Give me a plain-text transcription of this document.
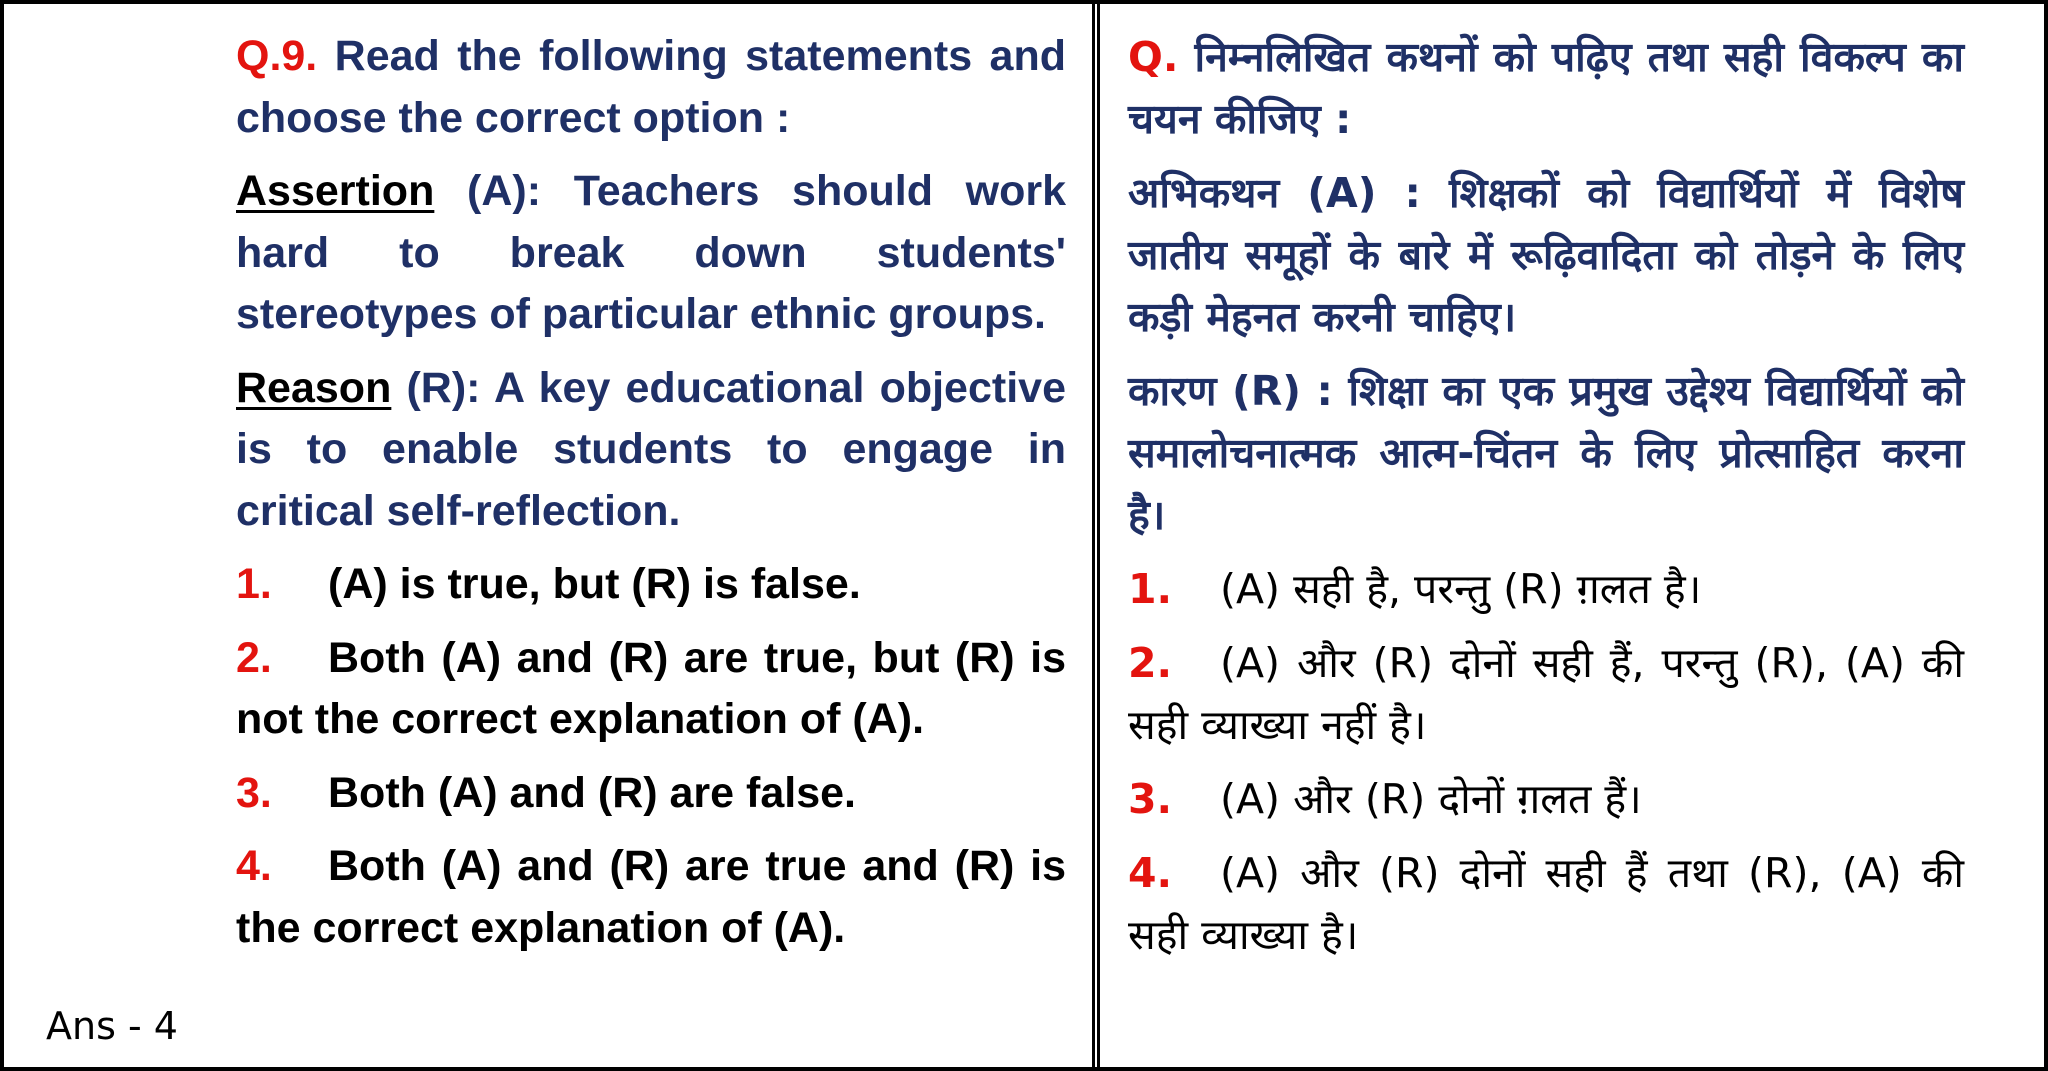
Q.9. Read the following statements and choose the correct option :
Assertion (A): Teachers should work hard to break down students' stereotypes of particular ethnic groups.
Reason (R): A key educational objective is to enable students to engage in critical self-reflection.
1. (A) is true, but (R) is false.
2. Both (A) and (R) are true, but (R) is not the correct explanation of (A).
3. Both (A) and (R) are false.
4. Both (A) and (R) are true and (R) is the correct explanation of (A).
Q. निम्नलिखित कथनों को पढ़िए तथा सही विकल्प का चयन कीजिए :
अभिकथन (A) : शिक्षकों को विद्यार्थियों में विशेष जातीय समूहों के बारे में रूढ़िवादिता को तोड़ने के लिए कड़ी मेहनत करनी चाहिए।
कारण (R) : शिक्षा का एक प्रमुख उद्देश्य विद्यार्थियों को समालोचनात्मक आत्म-चिंतन के लिए प्रोत्साहित करना है।
1. (A) सही है, परन्तु (R) ग़लत है।
2. (A) और (R) दोनों सही हैं, परन्तु (R), (A) की सही व्याख्या नहीं है।
3. (A) और (R) दोनों ग़लत हैं।
4. (A) और (R) दोनों सही हैं तथा (R), (A) की सही व्याख्या है।
Ans - 4
